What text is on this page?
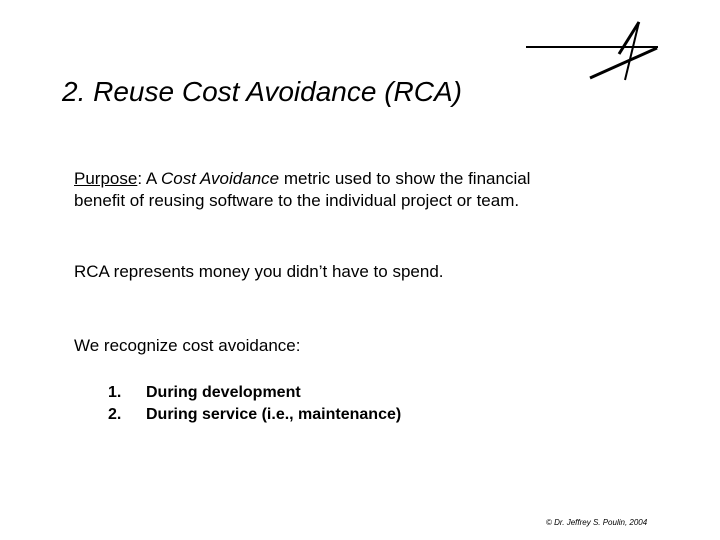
2. Reuse Cost Avoidance (RCA)

Purpose: A Cost Avoidance metric used to show the financial benefit of reusing software to the individual project or team.

RCA represents money you didn’t have to spend.

We recognize cost avoidance:

1.	During development
2.	During service (i.e., maintenance)
© Dr. Jeffrey S. Poulin, 2004
